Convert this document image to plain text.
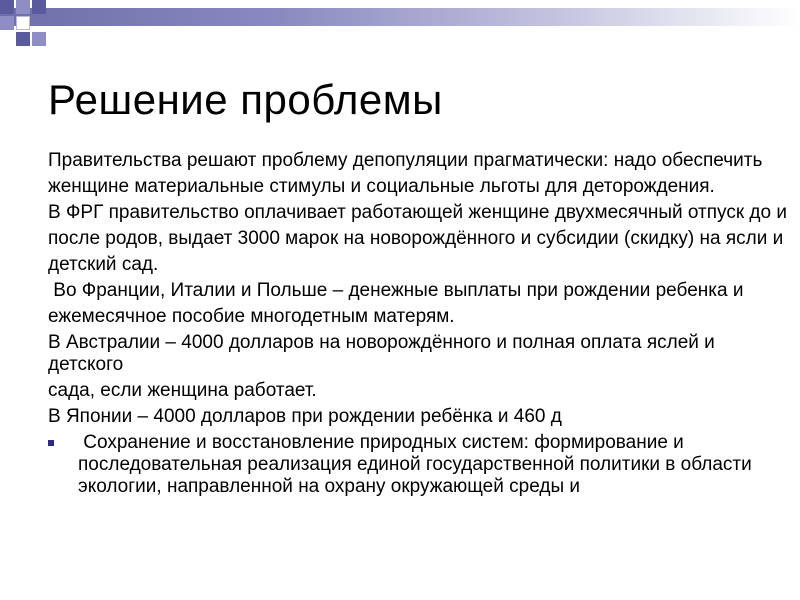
Решение проблемы

Правительства решают проблему депопуляции прагматически: надо обеспечить

женщине материальные стимулы и социальные льготы для деторождения.

В ФРГ правительство оплачивает работающей женщине двухмесячный отпуск до и

после родов, выдает 3000 марок на новорождённого и субсидии (скидку) на ясли и

детский сад.

Во Франции, Италии и Польше – денежные выплаты при рождении ребенка и

ежемесячное пособие многодетным матерям.

В Австралии – 4000 долларов на новорождённого и полная оплата яслей и детского

сада, если женщина работает.

В Японии – 4000 долларов при рождении ребёнка и 460 д

Сохранение и восстановление природных систем: формирование и последовательная реализация единой государственной политики в области экологии, направленной на охрану окружающей среды и
